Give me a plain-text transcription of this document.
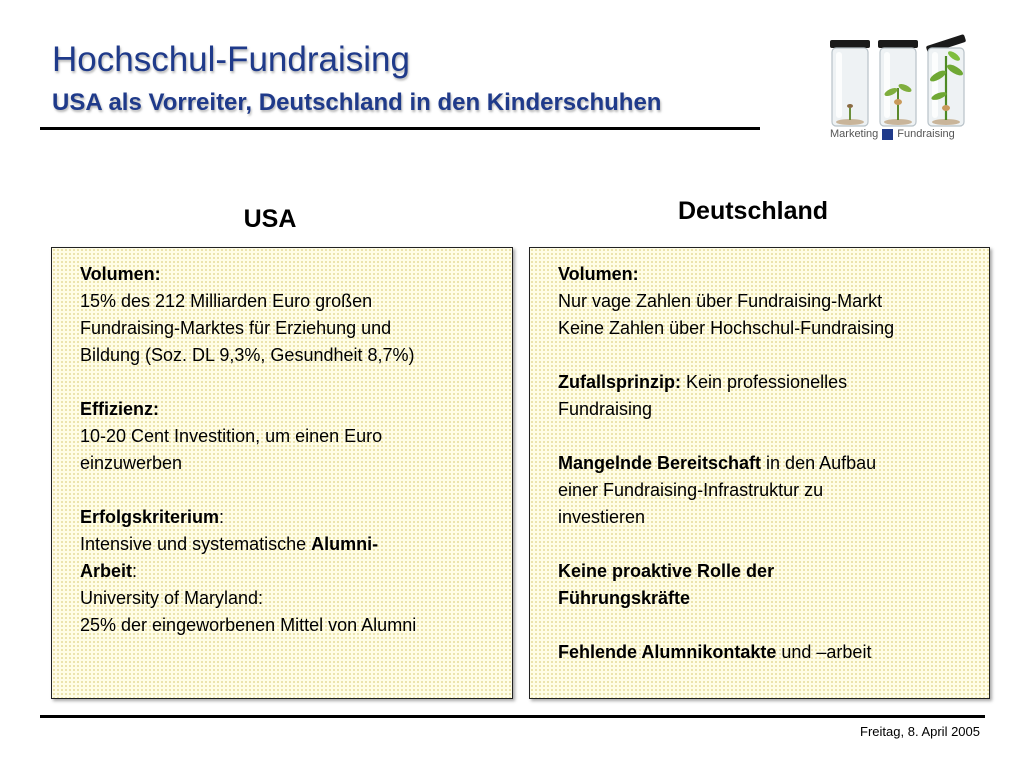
Hochschul-Fundraising
USA als Vorreiter, Deutschland in den Kinderschuhen
Marketing Fundraising
USA	Deutschland

Volumen:
15% des 212 Milliarden Euro großen
Fundraising-Marktes für Erziehung und
Bildung (Soz. DL 9,3%, Gesundheit 8,7%)

Effizienz:
10-20 Cent Investition, um einen Euro
einzuwerben

Erfolgskriterium:
Intensive und systematische Alumni-
Arbeit:
University of Maryland:
25% der eingeworbenen Mittel von Alumni

Volumen:
Nur vage Zahlen über Fundraising-Markt
Keine Zahlen über Hochschul-Fundraising

Zufallsprinzip: Kein professionelles
Fundraising

Mangelnde Bereitschaft in den Aufbau
einer Fundraising-Infrastruktur zu
investieren

Keine proaktive Rolle der
Führungskräfte

Fehlende Alumnikontakte und –arbeit

Freitag, 8. April 2005
